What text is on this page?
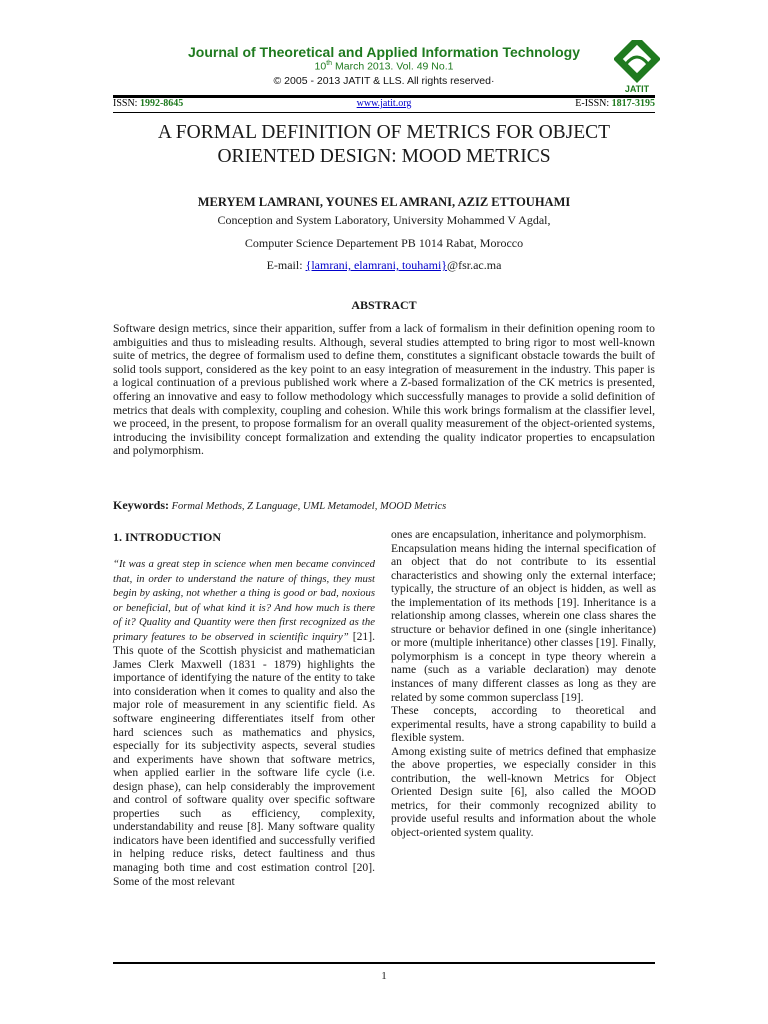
Journal of Theoretical and Applied Information Technology
10th March 2013. Vol. 49 No.1
© 2005 - 2013 JATIT & LLS. All rights reserved·
JATIT
ISSN: 1992-8645	www.jatit.org	E-ISSN: 1817-3195
A FORMAL DEFINITION OF METRICS FOR OBJECT ORIENTED DESIGN: MOOD METRICS
MERYEM LAMRANI, YOUNES EL AMRANI, AZIZ ETTOUHAMI
Conception and System Laboratory, University Mohammed V Agdal,
Computer Science Departement PB 1014 Rabat, Morocco
E-mail: {lamrani, elamrani, touhami}@fsr.ac.ma
ABSTRACT
Software design metrics, since their apparition, suffer from a lack of formalism in their definition opening room to ambiguities and thus to misleading results. Although, several studies attempted to bring rigor to most well-known suite of metrics, the degree of formalism used to define them, constitutes a significant obstacle towards the built of solid tools support, considered as the key point to an easy integration of measurement in the industry. This paper is a logical continuation of a previous published work where a Z-based formalization of the CK metrics is presented, offering an innovative and easy to follow methodology which successfully manages to provide a solid definition of metrics that deals with complexity, coupling and cohesion. While this work brings formalism at the classifier level, we proceed, in the present, to propose formalism for an overall quality measurement of the object-oriented systems, introducing the invisibility concept formalization and extending the quality indicator properties to encapsulation and polymorphism.
Keywords: Formal Methods, Z Language, UML Metamodel, MOOD Metrics
1. INTRODUCTION
“It was a great step in science when men became convinced that, in order to understand the nature of things, they must begin by asking, not whether a thing is good or bad, noxious or beneficial, but of what kind it is? And how much is there of it? Quality and Quantity were then first recognized as the primary features to be observed in scientific inquiry” [21]. This quote of the Scottish physicist and mathematician James Clerk Maxwell (1831 - 1879) highlights the importance of identifying the nature of the entity to take into consideration when it comes to quality and also the major role of measurement in any scientific field. As software engineering differentiates itself from other hard sciences such as mathematics and physics, especially for its subjectivity aspects, several studies and experiments have shown that software metrics, when applied earlier in the software life cycle (i.e. design phase), can help considerably the improvement and control of software quality over specific software properties such as efficiency, complexity, understandability and reuse [8]. Many software quality indicators have been identified and successfully verified in helping reduce risks, detect faultiness and thus managing both time and cost estimation control [20]. Some of the most relevant

ones are encapsulation, inheritance and polymorphism.

Encapsulation means hiding the internal specification of an object that do not contribute to its essential characteristics and showing only the external interface; typically, the structure of an object is hidden, as well as the implementation of its methods [19]. Inheritance is a relationship among classes, wherein one class shares the structure or behavior defined in one (single inheritance) or more (multiple inheritance) other classes [19]. Finally, polymorphism is a concept in type theory wherein a name (such as a variable declaration) may denote instances of many different classes as long as they are related by some common superclass [19].

These concepts, according to theoretical and experimental results, have a strong capability to build a flexible system.

Among existing suite of metrics defined that emphasize the above properties, we especially consider in this contribution, the well-known Metrics for Object Oriented Design suite [6], also called the MOOD metrics, for their commonly recognized ability to provide useful results and information about the whole object-oriented system quality.

1
